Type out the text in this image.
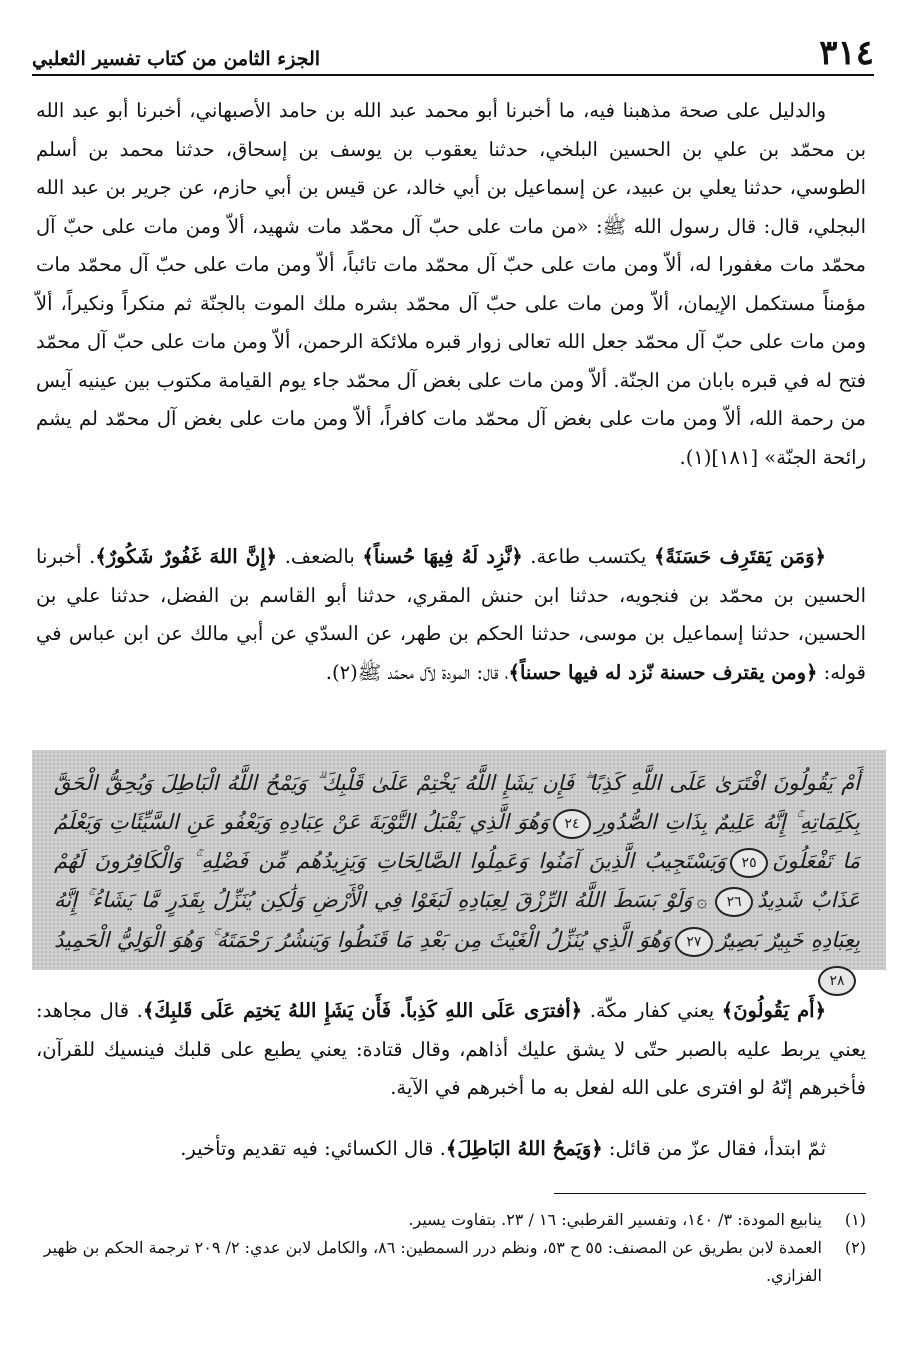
٣١٤
الجزء الثامن من كتاب تفسير الثعلبي

والدليل على صحة مذهبنا فيه، ما أخبرنا أبو محمد عبد الله بن حامد الأصبهاني، أخبرنا أبو عبد الله بن محمّد بن علي بن الحسين البلخي، حدثنا يعقوب بن يوسف بن إسحاق، حدثنا محمد بن أسلم الطوسي، حدثنا يعلي بن عبيد، عن إسماعيل بن أبي خالد، عن قيس بن أبي حازم، عن جرير بن عبد الله البجلي، قال: قال رسول الله ﷺ: «من مات على حبّ آل محمّد مات شهيد، ألاّ ومن مات على حبّ آل محمّد مات مغفورا له، ألاّ ومن مات على حبّ آل محمّد مات تائباً، ألاّ ومن مات على حبّ آل محمّد مات مؤمناً مستكمل الإيمان، ألاّ ومن مات على حبّ آل محمّد بشره ملك الموت بالجنّة ثم منكراً ونكيراً، ألاّ ومن مات على حبّ آل محمّد جعل الله تعالى زوار قبره ملائكة الرحمن، ألاّ ومن مات على حبّ آل محمّد فتح له في قبره بابان من الجنّة. ألاّ ومن مات على بغض آل محمّد جاء يوم القيامة مكتوب بين عينيه آيس من رحمة الله، ألاّ ومن مات على بغض آل محمّد مات كافراً، ألاّ ومن مات على بغض آل محمّد لم يشم رائحة الجنّة» [١٨١](١).

﴿وَمَن يَقتَرِف حَسَنَةً﴾ يكتسب طاعة. ﴿نَّزِد لَهُ فِيهَا حُسناً﴾ بالضعف. ﴿إِنَّ اللهَ غَفُورٌ شَكُورٌ﴾. أخبرنا الحسين بن محمّد بن فنجويه، حدثنا ابن حنش المقري، حدثنا أبو القاسم بن الفضل، حدثنا علي بن الحسين، حدثنا إسماعيل بن موسى، حدثنا الحكم بن طهر، عن السدّي عن أبي مالك عن ابن عباس في قوله: ﴿ومن يقترف حسنة نّزد له فيها حسناً﴾، قال: المودة لآل محمّد ﷺ(٢).

أَمْ يَقُولُونَ افْتَرَىٰ عَلَى اللَّهِ كَذِبًا ۖ فَإِن يَشَإِ اللَّهُ يَخْتِمْ عَلَىٰ قَلْبِكَ ۗ وَيَمْحُ اللَّهُ الْبَاطِلَ وَيُحِقُّ الْحَقَّ بِكَلِمَاتِهِ ۚ إِنَّهُ عَلِيمٌ بِذَاتِ الصُّدُورِ٢٤وَهُوَ الَّذِي يَقْبَلُ التَّوْبَةَ عَنْ عِبَادِهِ وَيَعْفُو عَنِ السَّيِّئَاتِ وَيَعْلَمُ مَا تَفْعَلُونَ٢٥وَيَسْتَجِيبُ الَّذِينَ آمَنُوا وَعَمِلُوا الصَّالِحَاتِ وَيَزِيدُهُم مِّن فَضْلِهِ ۚ وَالْكَافِرُونَ لَهُمْ عَذَابٌ شَدِيدٌ٢٦۞وَلَوْ بَسَطَ اللَّهُ الرِّزْقَ لِعِبَادِهِ لَبَغَوْا فِي الْأَرْضِ وَلَٰكِن يُنَزِّلُ بِقَدَرٍ مَّا يَشَاءُ ۚ إِنَّهُ بِعِبَادِهِ خَبِيرٌ بَصِيرٌ٢٧وَهُوَ الَّذِي يُنَزِّلُ الْغَيْثَ مِن بَعْدِ مَا قَنَطُوا وَيَنشُرُ رَحْمَتَهُ ۚ وَهُوَ الْوَلِيُّ الْحَمِيدُ٢٨

﴿أَم يَقُولُونَ﴾ يعني كفار مكّة. ﴿أفترَى عَلَى اللهِ كَذِباً. فَأَن يَشَإِ اللهُ يَختِم عَلَى قَلبِكَ﴾. قال مجاهد: يعني يربط عليه بالصبر حتّى لا يشق عليك أذاهم، وقال قتادة: يعني يطبع على قلبك فينسيك للقرآن، فأخبرهم إنّهُ لو افترى على الله لفعل به ما أخبرهم في الآية.

ثمّ ابتدأ، فقال عزّ من قائل: ﴿وَيَمحُ اللهُ البَاطِلَ﴾. قال الكسائي: فيه تقديم وتأخير.

(١)
ينابيع المودة: ٣/ ١٤٠، وتفسير القرطبي: ١٦ / ٢٣. بتفاوت يسير.
(٢)
العمدة لابن بطريق عن المصنف: ٥٥ ح ٥٣، ونظم درر السمطين: ٨٦، والكامل لابن عدي: ٢/ ٢٠٩ ترجمة الحكم بن ظهير الفزازي.
